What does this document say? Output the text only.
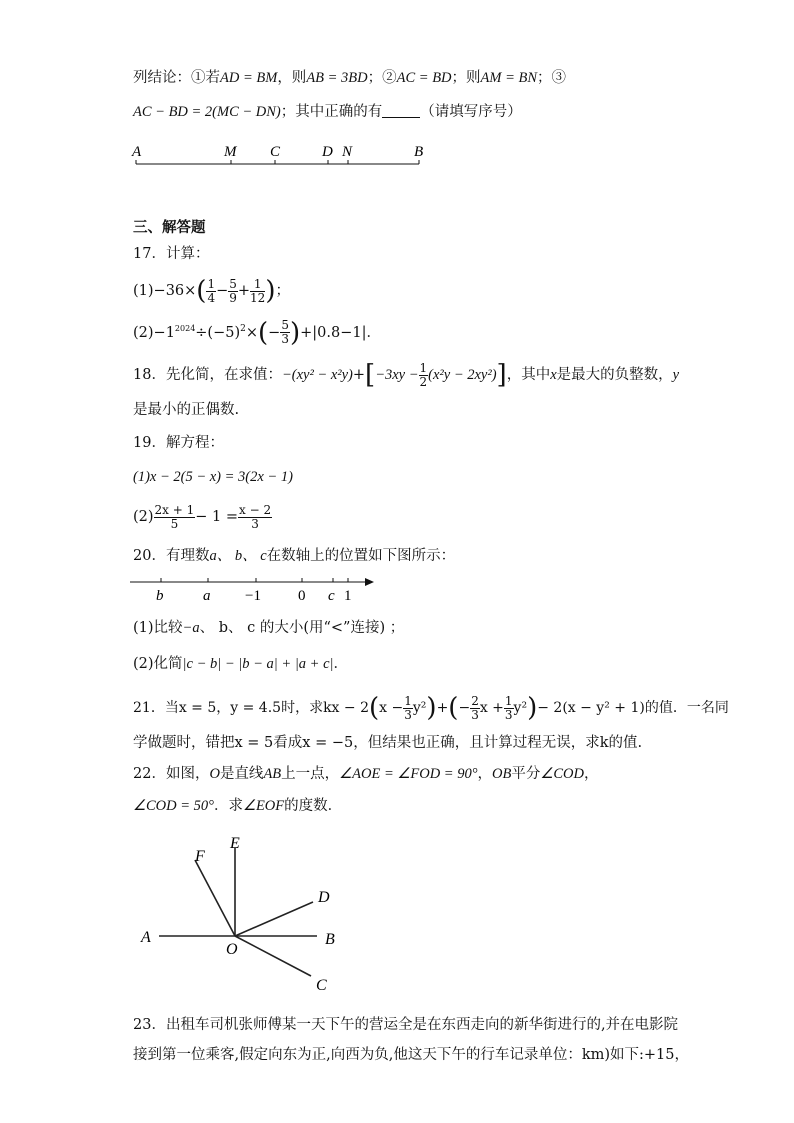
列结论：①若AD = BM，则AB = 3BD；②AC = BD；则AM = BN；③
AC − BD = 2(MC − DN)；其中正确的有	（请填写序号）
A	M C	D N	B
三、解答题
17．计算：
$(1)-36\times( \frac{1}{4} - \frac{5}{9} + \frac{1}{12}$ )；
$(2)-1^{2024}\div(-5)^2\times(- \frac{5}{3} )+|0.8-1|$．
18．先化简，在求值：$-(xy^2 - x^2y)+[-3xy - \frac{1}{2} (x^2y - 2xy^2)]$，其中x是最大的负整数，y
是最小的正偶数.
19．解方程：
(1)x − 2(5 − x) = 3(2x − 1)
$(2) \frac{2x + 1}{5} - 1 = \frac{x - 2}{3}$
20．有理数a、 b、 c在数轴上的位置如下图所示：
b	a −1 0 c 1
(1)比较−a、 b、 c 的大小(用“<”连接) ；
(2)化简|c − b| − |b − a| + |a + c|．
21．当x = 5，y = 4.5时，求kx − $2(x - \frac{1}{3} y^2)+(- \frac{2}{3}$ $x + \frac{1}{3} y^2)- 2(x - y^2 + 1)$的值．一名同
学做题时，错把x = 5看成x = −5，但结果也正确，且计算过程无误，求k的值.
22．如图，O是直线AB上一点，∠AOE = ∠FOD = 90°，OB平分∠COD，
∠COD = 50°．求∠EOF的度数．
F
E
D
A
O
B
C
23．出租车司机张师傅某一天下午的营运全是在东西走向的新华街进行的,并在电影院
接到第一位乘客,假定向东为正,向西为负,他这天下午的行车记录单位：km)如下:+15，
